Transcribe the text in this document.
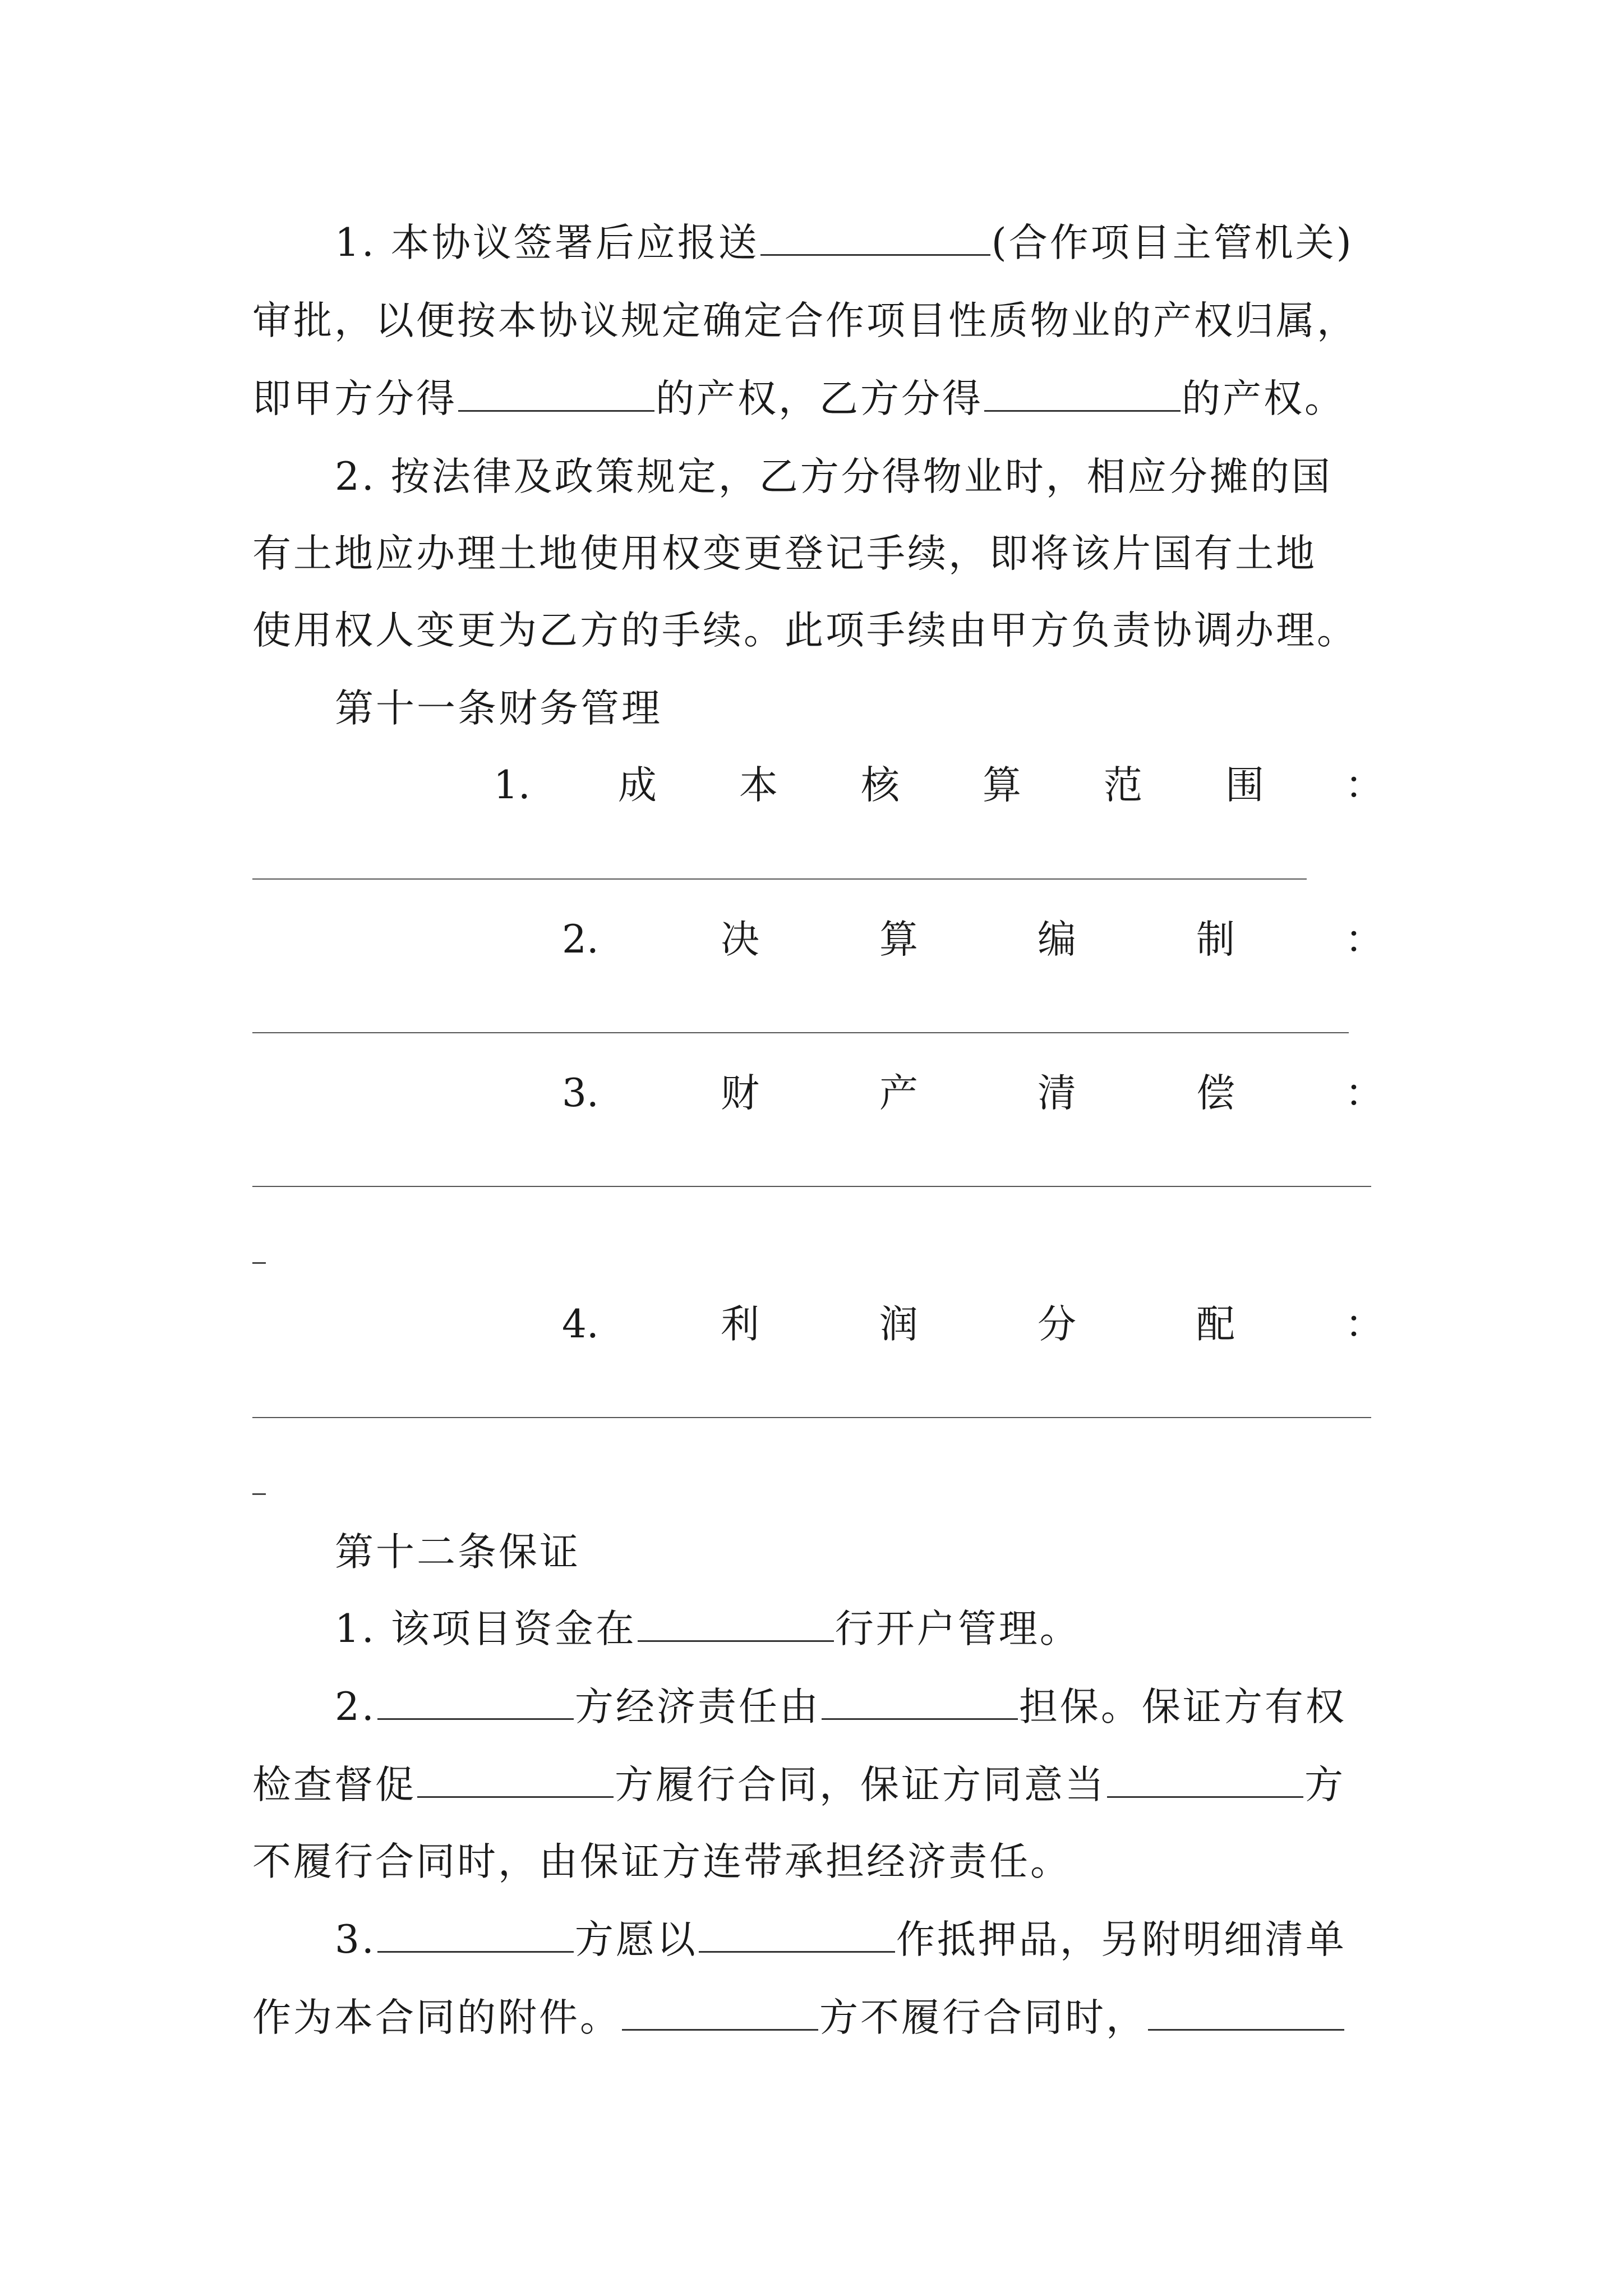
1. 本协议签署后应报送	(合作项目主管机关)
审批，以便按本协议规定确定合作项目性质物业的产权归属，
即甲方分得	的产权，乙方分得	的产权。
2. 按法律及政策规定，乙方分得物业时，相应分摊的国
有土地应办理土地使用权变更登记手续，即将该片国有土地
使用权人变更为乙方的手续。此项手续由甲方负责协调办理。
第十一条财务管理
1. 成 本 核 算 范 围 ：
2.	决	算	编	制	：
3.	财	产	清	偿	：
4.	利	润	分	配	：
第十二条保证
1. 该项目资金在	行开户管理。
2.	方经济责任由	担保。保证方有权
检查督促	方履行合同，保证方同意当	方
不履行合同时，由保证方连带承担经济责任。
3.	方愿以	作抵押品，另附明细清单
作为本合同的附件。	方不履行合同时，
